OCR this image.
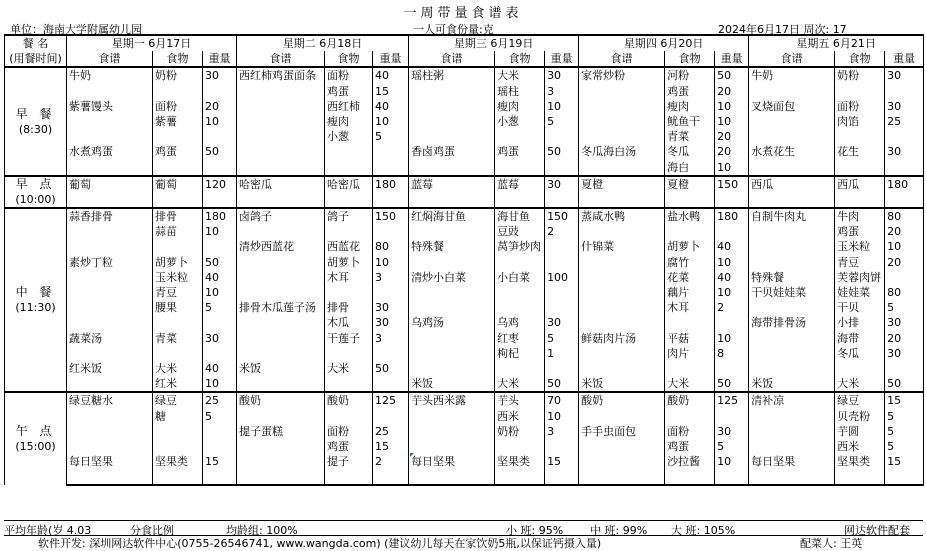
一周带量食谱表
单位：海南大学附属幼儿园	一人可食份量:克	2024年6月17日 周次: 17
餐 名	星期一 6月17日			星期二 6月18日			星期三 6月19日			星期四 6月20日			星期五 6月21日		
(用餐时间)	食谱	食物	重量	食谱	食物	重量	食谱	食物	重量	食谱	食物	重量	食谱	食物	重量

早 餐
(8:30)	牛奶	奶粉	30	西红柿鸡蛋面条	面粉	40	瑶柱粥	大米	30	家常炒粉	河粉	50	牛奶	奶粉	30
					鸡蛋	15		瑶柱	3		鸡蛋	20			
	紫薯馒头	面粉	20		西红柿	40		瘦肉	10		瘦肉	10	叉烧面包	面粉	30
		紫薯	10		瘦肉	10		小葱	5		鱿鱼干	10		肉馅	25
					小葱	5					青菜	20			
	水煮鸡蛋	鸡蛋	50				香卤鸡蛋	鸡蛋	50	冬瓜海白汤	冬瓜	20	水煮花生	花生	30
											海白	10			

早 点
(10:00)	葡萄	葡萄	120	哈密瓜	哈密瓜	180	蓝莓	蓝莓	30	夏橙	夏橙	150	西瓜	西瓜	180

中 餐
(11:30)	蒜香排骨	排骨	180	卤鸽子	鸽子	150	红焖海甘鱼	海甘鱼	150	蒸咸水鸭	盐水鸭	180	自制牛肉丸	牛肉	80
		蒜苗	10					豆豉	2					鸡蛋	20
				清炒西蓝花	西蓝花	80	特殊餐	莴笋炒肉		什锦菜	胡萝卜	40		玉米粒	10
	素炒丁粒	胡萝卜	50		胡萝卜	10					腐竹	10		青豆	20
		玉米粒	40		木耳	3	清炒小白菜	小白菜	100		花菜	40	特殊餐	芙蓉肉饼	
		青豆	10								藕片	10	干贝娃娃菜	娃娃菜	80
		腰果	5	排骨木瓜莲子汤	排骨	30					木耳	2		干贝	5
					木瓜	30	乌鸡汤	乌鸡	30				海带排骨汤	小排	30
	蔬菜汤	青菜	30		干莲子	3		红枣	5	鲜菇肉片汤	平菇	10		海带	20
								枸杞	1		肉片	8		冬瓜	30
	红米饭	大米	40	米饭	大米	50									
		红米	10				米饭	大米	50	米饭	大米	50	米饭	大米	50

午 点
(15:00)	绿豆糖水	绿豆	25	酸奶	酸奶	125	芋头西米露	芋头	70	酸奶	酸奶	125	清补凉	绿豆	15
		糖	5					西米	10					贝壳粉	5
				提子蛋糕	面粉	25		奶粉	3	手手虫面包	面粉	30		芋圆	5
					鸡蛋	15					鸡蛋	5		西米	5
	每日坚果	坚果类	15		提子	2	每日坚果	坚果类	15		沙拉酱	10	每日坚果	坚果类	15

平均年龄(岁 4.03	分食比例	均龄组: 100%	小 班: 95% 中 班: 99% 大 班: 105%	网达软件配套
软件开发: 深圳网达软件中心(0755-26546741, www.wangda.com) (建议幼儿每天在家饮奶5瓶,以保证钙摄入量)	配菜人: 王英
